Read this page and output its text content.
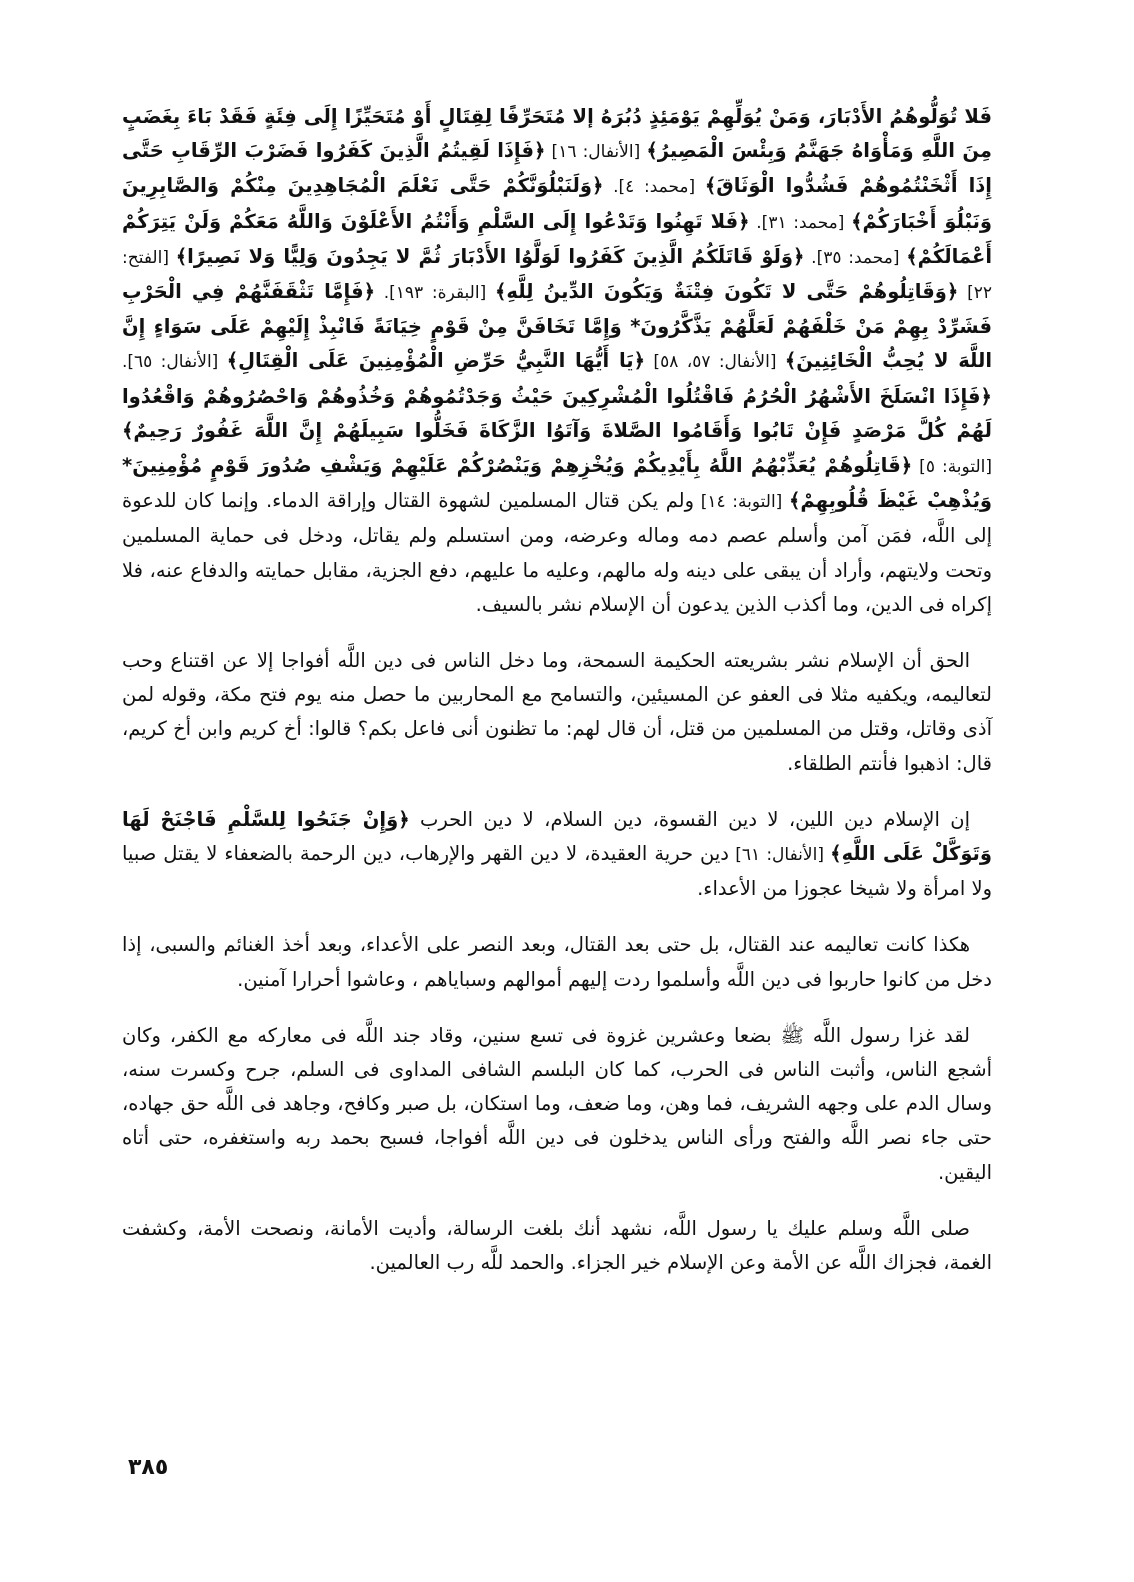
فَلا تُوَلُّوهُمُ الأَدْبَارَ، وَمَنْ يُوَلِّهِمْ يَوْمَئِذٍ دُبُرَهُ إلا مُتَحَرِّفًا لِقِتَالٍ أَوْ مُتَحَيِّزًا إِلَى فِئَةٍ فَقَدْ بَاءَ بِغَضَبٍ مِنَ اللَّهِ وَمَأْوَاهُ جَهَنَّمُ وَبِئْسَ الْمَصِيرُ﴾ [الأنفال: ١٦] ﴿فَإِذَا لَقِيتُمُ الَّذِينَ كَفَرُوا فَضَرْبَ الرِّقَابِ حَتَّى إِذَا أَثْخَنْتُمُوهُمْ فَشُدُّوا الْوَثَاقَ﴾ [محمد: ٤]. ﴿وَلَنَبْلُوَنَّكُمْ حَتَّى نَعْلَمَ الْمُجَاهِدِينَ مِنْكُمْ وَالصَّابِرِينَ وَنَبْلُوَ أَخْبَارَكُمْ﴾ [محمد: ٣١]. ﴿فَلا تَهِنُوا وَتَدْعُوا إِلَى السَّلْمِ وَأَنْتُمُ الأَعْلَوْنَ وَاللَّهُ مَعَكُمْ وَلَنْ يَتِرَكُمْ أَعْمَالَكُمْ﴾ [محمد: ٣٥]. ﴿وَلَوْ قَاتَلَكُمُ الَّذِينَ كَفَرُوا لَوَلَّوُا الأَدْبَارَ ثُمَّ لا يَجِدُونَ وَلِيًّا وَلا نَصِيرًا﴾ [الفتح: ٢٢] ﴿وَقَاتِلُوهُمْ حَتَّى لا تَكُونَ فِتْنَةٌ وَيَكُونَ الدِّينُ لِلَّهِ﴾ [البقرة: ١٩٣]. ﴿فَإِمَّا تَثْقَفَنَّهُمْ فِي الْحَرْبِ فَشَرِّدْ بِهِمْ مَنْ خَلْفَهُمْ لَعَلَّهُمْ يَذَّكَّرُونَ* وَإِمَّا تَخَافَنَّ مِنْ قَوْمٍ خِيَانَةً فَانْبِذْ إِلَيْهِمْ عَلَى سَوَاءٍ إِنَّ اللَّهَ لا يُحِبُّ الْخَائِنِينَ﴾ [الأنفال: ٥٧، ٥٨] ﴿يَا أَيُّهَا النَّبِيُّ حَرِّضِ الْمُؤْمِنِينَ عَلَى الْقِتَالِ﴾ [الأنفال: ٦٥]. ﴿فَإِذَا انْسَلَخَ الأَشْهُرُ الْحُرُمُ فَاقْتُلُوا الْمُشْرِكِينَ حَيْثُ وَجَدْتُمُوهُمْ وَخُذُوهُمْ وَاحْصُرُوهُمْ وَاقْعُدُوا لَهُمْ كُلَّ مَرْصَدٍ فَإِنْ تَابُوا وَأَقَامُوا الصَّلاةَ وَآتَوُا الزَّكَاةَ فَخَلُّوا سَبِيلَهُمْ إِنَّ اللَّهَ غَفُورٌ رَحِيمٌ﴾ [التوبة: ٥] ﴿قَاتِلُوهُمْ يُعَذِّبْهُمُ اللَّهُ بِأَيْدِيكُمْ وَيُخْزِهِمْ وَيَنْصُرْكُمْ عَلَيْهِمْ وَيَشْفِ صُدُورَ قَوْمٍ مُؤْمِنِينَ* وَيُذْهِبْ غَيْظَ قُلُوبِهِمْ﴾ [التوبة: ١٤] ولم يكن قتال المسلمين لشهوة القتال وإراقة الدماء. وإنما كان للدعوة إلى اللَّه، فمَن آمن وأسلم عصم دمه وماله وعرضه، ومن استسلم ولم يقاتل، ودخل فى حماية المسلمين وتحت ولايتهم، وأراد أن يبقى على دينه وله مالهم، وعليه ما عليهم، دفع الجزية، مقابل حمايته والدفاع عنه، فلا إكراه فى الدين، وما أكذب الذين يدعون أن الإسلام نشر بالسيف.

الحق أن الإسلام نشر بشريعته الحكيمة السمحة، وما دخل الناس فى دين اللَّه أفواجا إلا عن اقتناع وحب لتعاليمه، ويكفيه مثلا فى العفو عن المسيئين، والتسامح مع المحاربين ما حصل منه يوم فتح مكة، وقوله لمن آذى وقاتل، وقتل من المسلمين من قتل، أن قال لهم: ما تظنون أنى فاعل بكم؟ قالوا: أخ كريم وابن أخ كريم، قال: اذهبوا فأنتم الطلقاء.

إن الإسلام دين اللين، لا دين القسوة، دين السلام، لا دين الحرب ﴿وَإِنْ جَنَحُوا لِلسَّلْمِ فَاجْنَحْ لَهَا وَتَوَكَّلْ عَلَى اللَّهِ﴾ [الأنفال: ٦١] دين حرية العقيدة، لا دين القهر والإرهاب، دين الرحمة بالضعفاء لا يقتل صبيا ولا امرأة ولا شيخا عجوزا من الأعداء.

هكذا كانت تعاليمه عند القتال، بل حتى بعد القتال، وبعد النصر على الأعداء، وبعد أخذ الغنائم والسبى، إذا دخل من كانوا حاربوا فى دين اللَّه وأسلموا ردت إليهم أموالهم وسباياهم ، وعاشوا أحرارا آمنين.

لقد غزا رسول اللَّه ﷺ بضعا وعشرين غزوة فى تسع سنين، وقاد جند اللَّه فى معاركه مع الكفر، وكان أشجع الناس، وأثبت الناس فى الحرب، كما كان البلسم الشافى المداوى فى السلم، جرح وكسرت سنه، وسال الدم على وجهه الشريف، فما وهن، وما ضعف، وما استكان، بل صبر وكافح، وجاهد فى اللَّه حق جهاده، حتى جاء نصر اللَّه والفتح ورأى الناس يدخلون فى دين اللَّه أفواجا، فسبح بحمد ربه واستغفره، حتى أتاه اليقين.

صلى اللَّه وسلم عليك يا رسول اللَّه، نشهد أنك بلغت الرسالة، وأديت الأمانة، ونصحت الأمة، وكشفت الغمة، فجزاك اللَّه عن الأمة وعن الإسلام خير الجزاء. والحمد للَّه رب العالمين.

٣٨٥
